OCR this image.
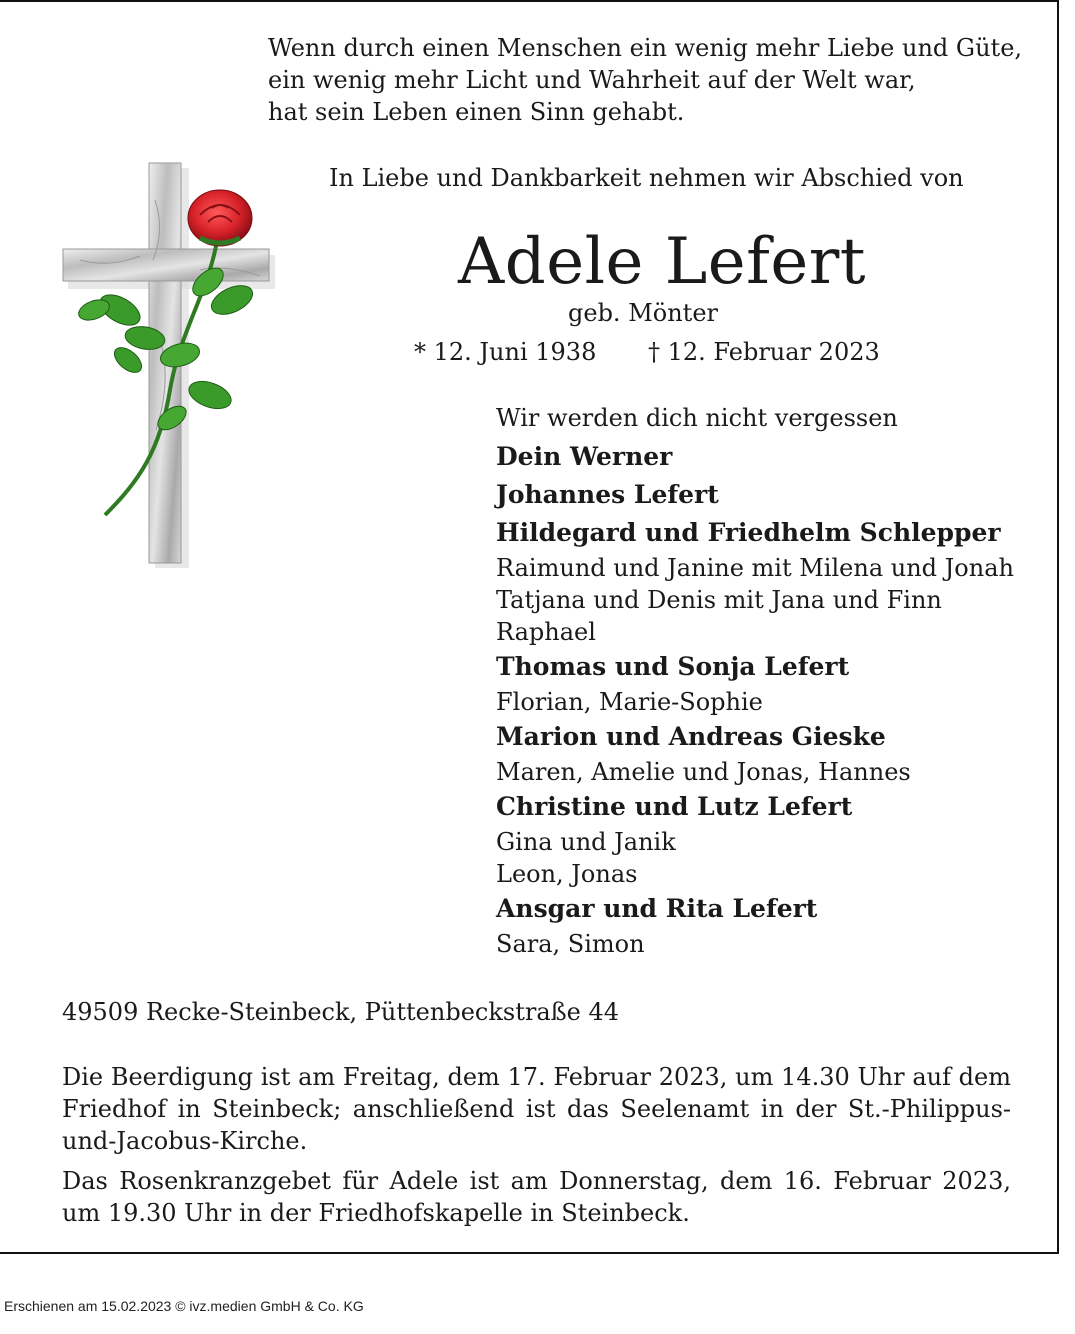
Wenn durch einen Menschen ein wenig mehr Liebe und Güte,
ein wenig mehr Licht und Wahrheit auf der Welt war,
hat sein Leben einen Sinn gehabt.
In Liebe und Dankbarkeit nehmen wir Abschied von
Adele Lefert
geb. Mönter
* 12. Juni 1938 † 12. Februar 2023
Wir werden dich nicht vergessen
Dein Werner
Johannes Lefert
Hildegard und Friedhelm Schlepper
Raimund und Janine mit Milena und Jonah
Tatjana und Denis mit Jana und Finn
Raphael
Thomas und Sonja Lefert
Florian, Marie-Sophie
Marion und Andreas Gieske
Maren, Amelie und Jonas, Hannes
Christine und Lutz Lefert
Gina und Janik
Leon, Jonas
Ansgar und Rita Lefert
Sara, Simon
49509 Recke-Steinbeck, Püttenbeckstraße 44
Die Beerdigung ist am Freitag, dem 17. Februar 2023, um 14.30 Uhr auf dem Friedhof in Steinbeck; anschließend ist das Seelenamt in der St.-Philippus-und-Jacobus-Kirche.
Das Rosenkranzgebet für Adele ist am Donnerstag, dem 16. Februar 2023, um 19.30 Uhr in der Friedhofskapelle in Steinbeck.
Erschienen am 15.02.2023 © ivz.medien GmbH & Co. KG
